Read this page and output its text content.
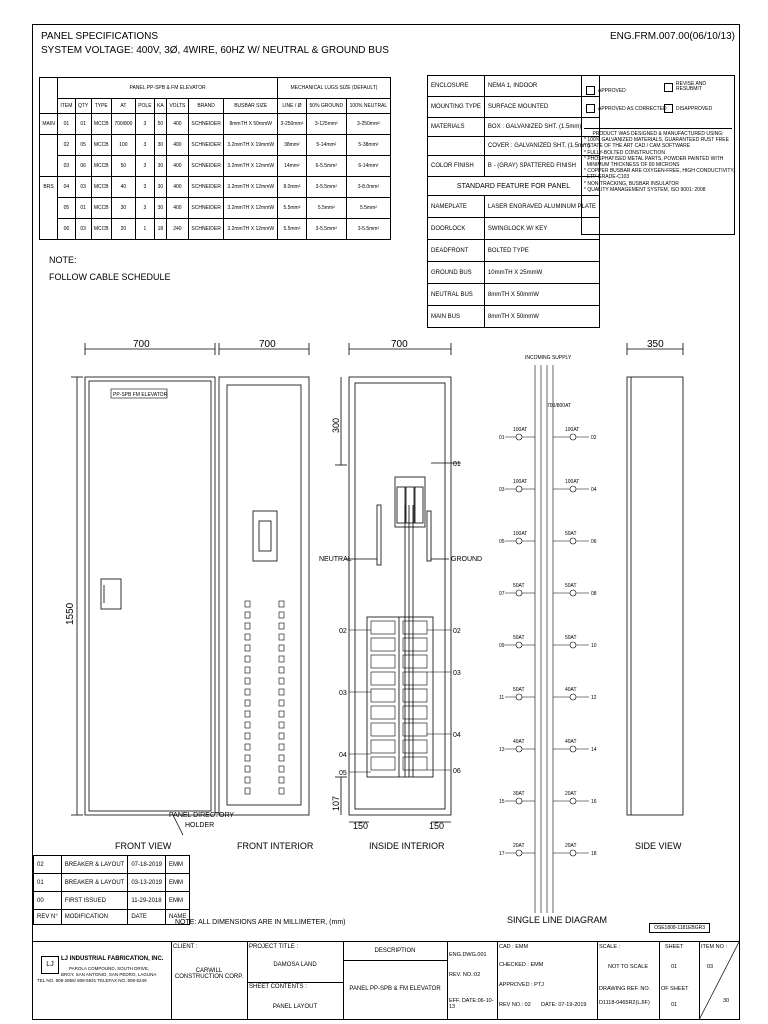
PANEL SPECIFICATIONS
SYSTEM VOLTAGE: 400V, 3Ø, 4WIRE, 60HZ W/ NEUTRAL & GROUND BUS
ENG.FRM.007.00(06/10/13)
	PANEL PP-SPB & FM ELEVATOR									MECHANICAL LUGS SIZE (DEFAULT)		
	ITEM	QTY	TYPE	AT	POLE	KA	VOLTS	BRAND	BUSBAR SIZE	LINE / Ø	50% GROUND	100% NEUTRAL
MAIN	01	01	MCCB	700/800	3	50	400	SCHNEIDER	8mmTH X 50mmW	3-250mm²	3-125mm²	3-250mm²
	02	05	MCCB	100	3	30	400	SCHNEIDER	3.2mmTH X 19mmW	38mm²	5-14mm²	5-38mm²
	03	06	MCCB	50	3	30	400	SCHNEIDER	3.2mmTH X 12mmW	14mm²	6-5.5mm²	6-14mm²
BRS	04	03	MCCB	40	3	30	400	SCHNEIDER	3.2mmTH X 12mmW	8.0mm²	3-5.5mm²	3-8.0mm²
	05	01	MCCB	30	3	30	400	SCHNEIDER	3.2mmTH X 12mmW	5.5mm²	5.5mm²	5.5mm²
	06	03	MCCB	20	1	18	240	SCHNEIDER	3.2mmTH X 12mmW	5.5mm²	3-5.5mm²	3-5.5mm²
ENCLOSURE	NEMA 1, INDOOR
MOUNTING TYPE	SURFACE MOUNTED
MATERIALS	BOX : GALVANIZED SHT. (1.5mm)
	COVER : GALVANIZED SHT. (1.5mm)
COLOR FINISH	B - (GRAY) SPATTERED FINISH
STANDARD FEATURE FOR PANEL	
NAMEPLATE	LASER ENGRAVED ALUMINUM PLATE
DOORLOCK	SWINGLOCK W/ KEY
DEADFRONT	BOLTED TYPE
GROUND BUS	10mmTH X 25mmW
NEUTRAL BUS	8mmTH X 50mmW
MAIN BUS	8mmTH X 50mmW
APPROVED
APPROVED AS CORRECTED
REVISE AND RESUBMIT
DISAPPROVED
PRODUCT WAS DESIGNED & MANUFACTURED USING:
* 100% GALVANIZED MATERIALS, GUARANTEED RUST FREE
* STATE OF THE ART CAD / CAM SOFTWARE
* FULLY-BOLTED CONSTRUCTION
* PHOSPHATISED METAL PARTS, POWDER PAINTED WITH
MINIMUM THICKNESS OF 80 MICRONS
* COPPER BUSBAR ARE OXYGEN-FREE, HIGH CONDUCTIVITY,
ETP GRADE-C103
* NON-TRACKING, BUSBAR INSULATOR
* QUALITY MANAGEMENT SYSTEM, ISO 9001: 2008
NOTE:
FOLLOW CABLE SCHEDULE
700	700	700	350
1550
300
107
150	150
PP-SPB FM ELEVATOR
NEUTRAL	GROUND
01
INCOMING SUPPLY
700/800AT
FRONT VIEW	FRONT INTERIOR	INSIDE INTERIOR	SIDE VIEW
SINGLE LINE DIAGRAM
PANEL DIRECTORY
HOLDER
02
03
04
05
02
03
04
06
01
100AT
02
100AT
03
100AT
04
100AT
05
100AT
06
50AT
07
50AT
08
50AT
09
50AT
10
50AT
11
50AT
12
40AT
13
40AT
14
40AT
15
30AT
16
20AT
17
20AT
18
20AT
02	BREAKER & LAYOUT	07-18-2019	EMM
01	BREAKER & LAYOUT	03-13-2019	EMM
00	FIRST ISSUED	11-29-2018	EMM
REV N°	MODIFICATION	DATE	NAME
NOTE: ALL DIMENSIONS ARE IN MILLIMETER, (mm)
OSE1808-1181EBGR3
LJ
LJ INDUSTRIAL FABRICATION, INC.
PAROLA COMPOUND, SOUTH DRIVE,
BRGY. SAN ANTONIO, SAN PEDRO, LAGUNA
TEL NO. 808-2956/ 808-5931 TELEFAX NO. 808-5249
CLIENT :
CARWILL CONSTRUCTION CORP.
PROJECT TITLE :
DAMOSA LAND
SHEET CONTENTS :
PANEL LAYOUT
DESCRIPTION
PANEL PP-SPB & FM ELEVATOR
ENG.DWG.001
REV. NO.:02
EFF. DATE:06-10-13
CAD : EMM
CHECKED : EMM
APPROVED : PTJ
REV NO.: 02 DATE: 07-19-2019
SCALE :
NOT TO SCALE
DRAWING REF. NO.
D1118-0465R2(LJIF)
SHEET
01
OF SHEET
01
ITEM NO :
03
30
